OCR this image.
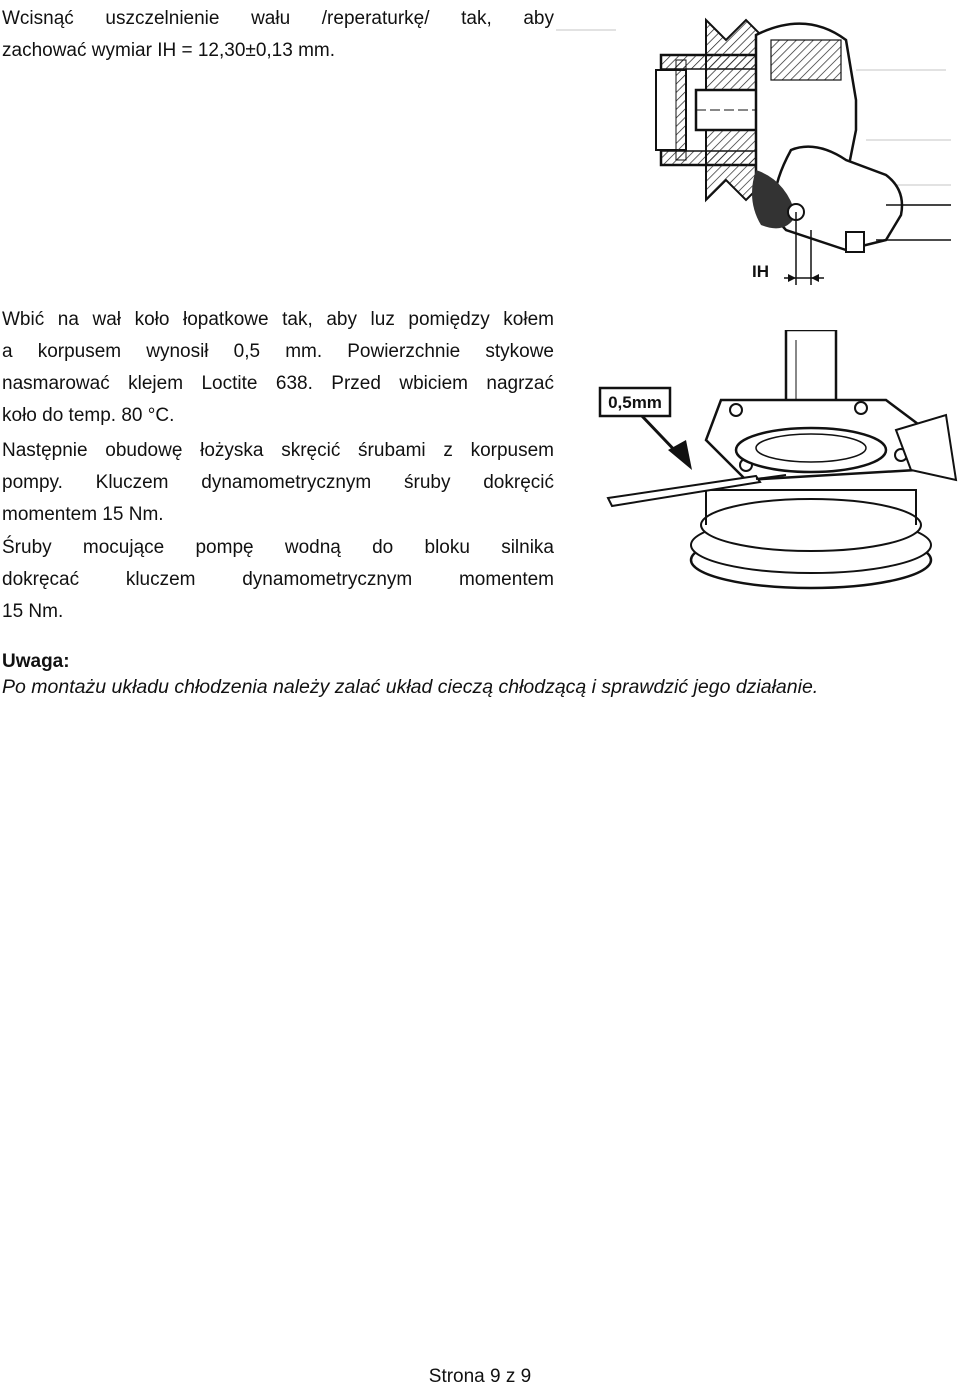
Wcisnąć uszczelnienie wału /reperaturkę/ tak, aby
zachować wymiar IH = 12,30±0,13 mm.

Wbić na wał koło łopatkowe tak, aby luz pomiędzy kołem
a korpusem wynosił 0,5 mm. Powierzchnie stykowe
nasmarować klejem Loctite 638. Przed wbiciem nagrzać
koło do temp. 80 °C.

Następnie obudowę łożyska skręcić śrubami z korpusem
pompy. Kluczem dynamometrycznym śruby dokręcić
momentem 15 Nm.

Śruby mocujące pompę wodną do bloku silnika
dokręcać kluczem dynamometrycznym momentem
15 Nm.

Uwaga:

Po montażu układu chłodzenia należy zalać układ cieczą chłodzącą i sprawdzić jego działanie.

IH
0,5mm

Strona 9 z 9
